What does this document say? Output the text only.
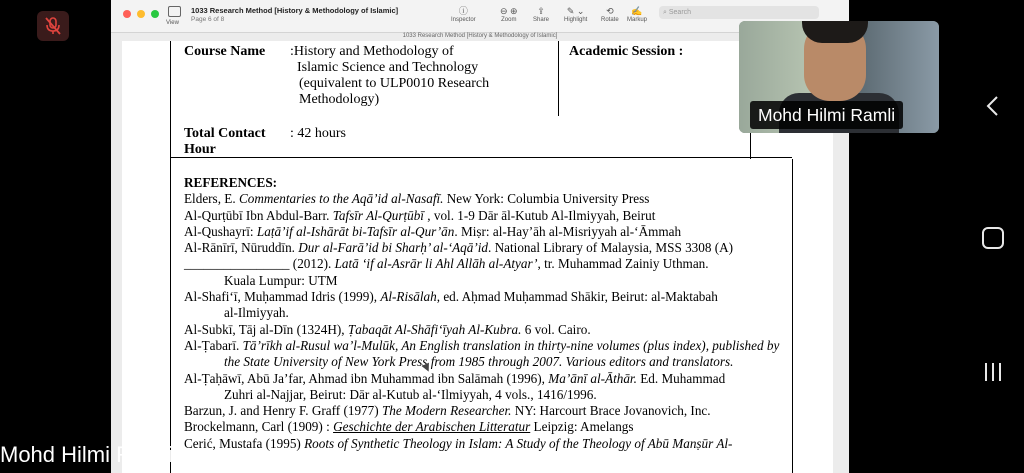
View
1033 Research Method [History & Methodology of Islamic]
Page 6 of 8
ⓘ
Inspector
⊖ ⊕
Zoom
⇪
Share
✎ ⌄
Highlight
⟲
Rotate
✍
Markup
⌕ Search
1033 Research Method [History & Methodology of Islamic]
Course Name :History and Methodology of
Islamic Science and Technology
(equivalent to ULP0010 Research
Methodology)
Academic Session :
Total Contact
Hour
: 42 hours
REFERENCES:
Elders, E. Commentaries to the Aqā’id al-Nasafī. New York: Columbia University Press
Al-Qurṭūbī Ibn Abdul-Barr. Tafsīr Al-Qurṭūbī , vol. 1-9 Dār āl-Kutub Al-Ilmiyyah, Beirut
Al-Qushayrī: Laṭā’if al-Ishārāt bi-Tafsīr al-Qur’ān. Miṣr: al-Hay’āh al-Misriyyah al-‘Āmmah
Al-Rānīrī, Nūruddīn. Dur al-Farā’id bi Sharḥ’ al-‘Aqā’id. National Library of Malaysia, MSS 3308 (A)
________________ (2012). Latā ‘if al-Asrār li Ahl Allāh al-Atyar’, tr. Muhammad Zainiy Uthman.
Kuala Lumpur: UTM
Al-Shafi‘ī, Muḥammad Idris (1999), Al-Risālah, ed. Aḥmad Muḥammad Shākir, Beirut: al-Maktabah
al-Ilmiyyah.
Al-Subkī, Tāj al-Dīn (1324H), Ṭabaqāt Al-Shāfi‘īyah Al-Kubra. 6 vol. Cairo.
Al-Ṭabarī. Tā’rīkh al-Rusul wa’l-Mulūk, An English translation in thirty-nine volumes (plus index), published by the State University of New York Press from 1985 through 2007. Various editors and translators.
Al-Ṭaḥāwī, Abū Ja’far, Ahmad ibn Muhammad ibn Salāmah (1996), Ma’ānī al-Āthār. Ed. Muhammad
Zuhri al-Najjar, Beirut: Dār al-Kutub al-‘Ilmiyyah, 4 vols., 1416/1996.
Barzun, J. and Henry F. Graff (1977) The Modern Researcher. NY: Harcourt Brace Jovanovich, Inc.
Brockelmann, Carl (1909) : Geschichte der Arabischen Litteratur Leipzig: Amelangs
Cerić, Mustafa (1995) Roots of Synthetic Theology in Islam: A Study of the Theology of Abū Manṣūr Al-
Mohd Hilmi Ramli
Mohd Hilmi Ramli
